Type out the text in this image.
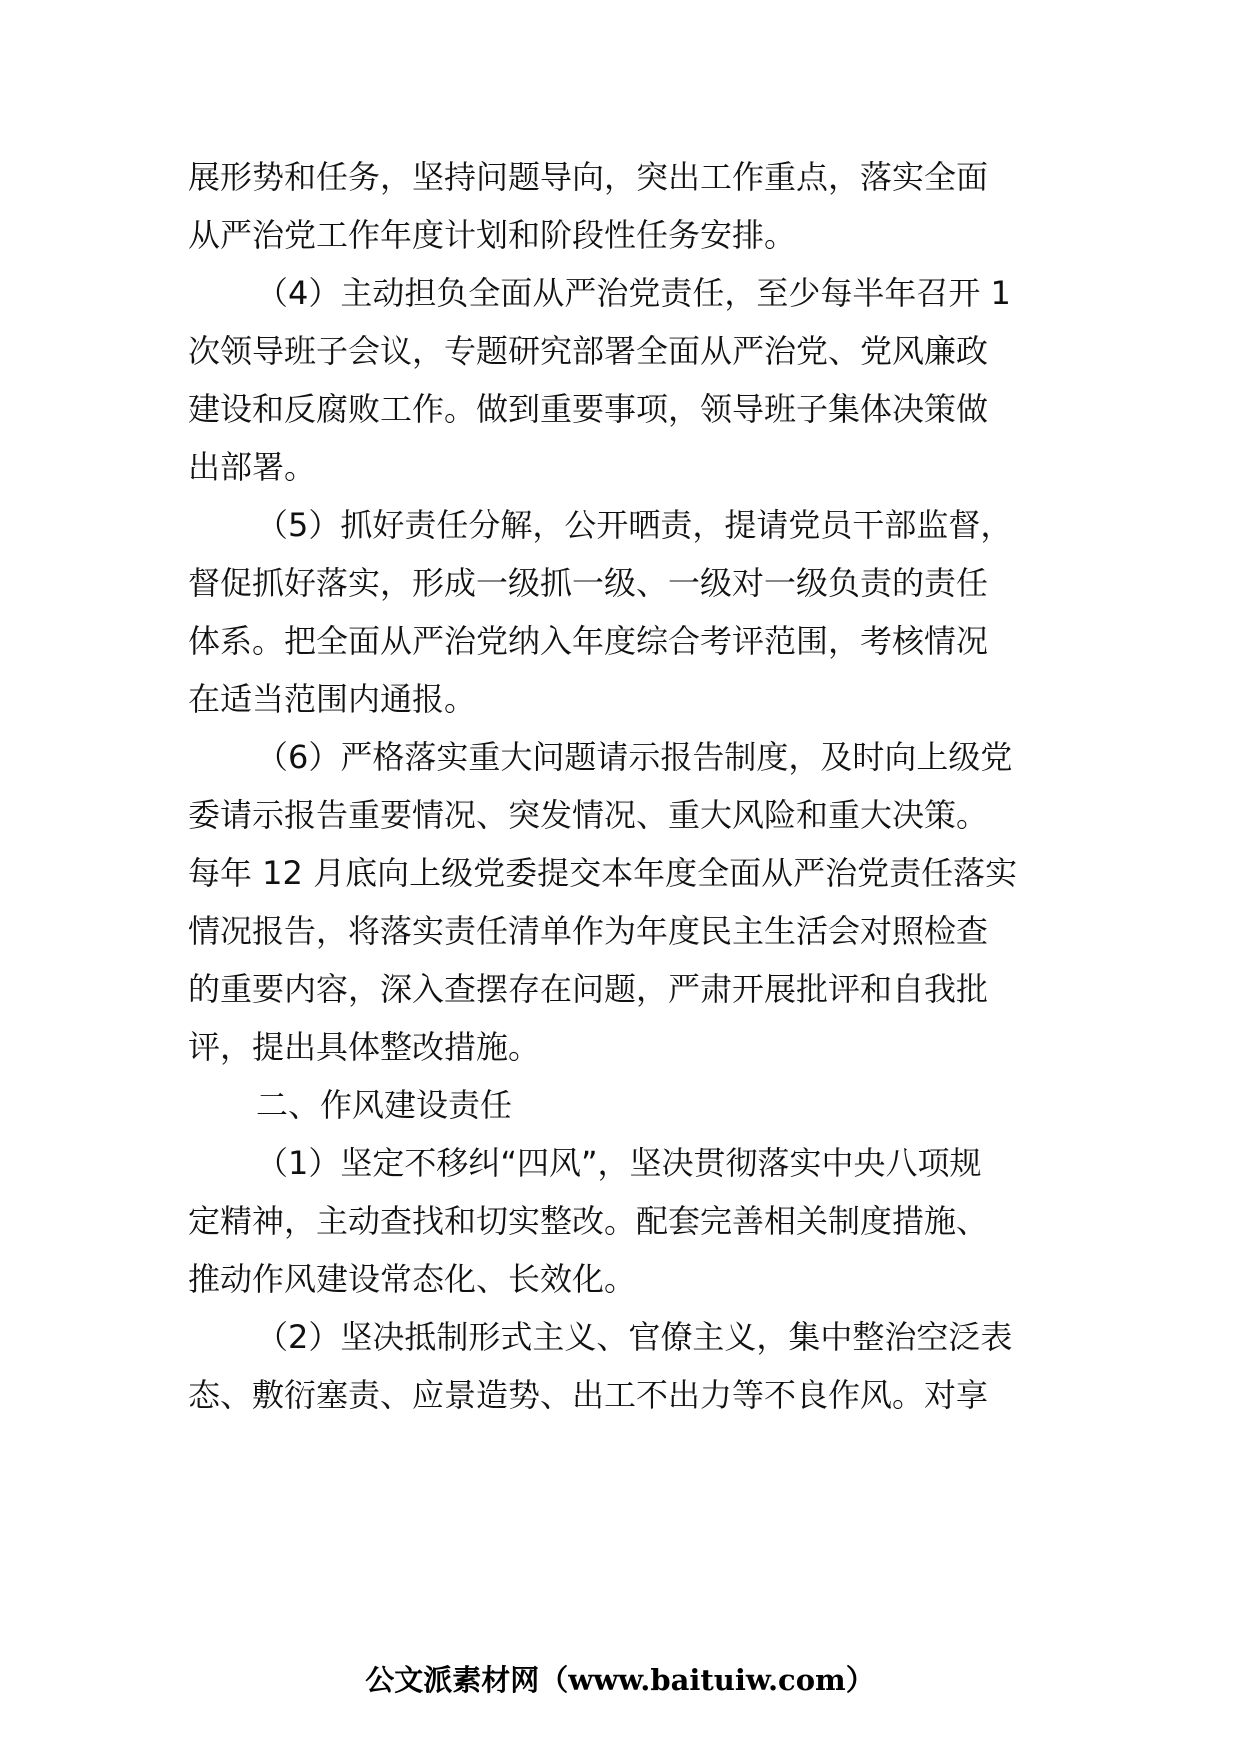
展形势和任务，坚持问题导向，突出工作重点，落实全面
从严治党工作年度计划和阶段性任务安排。
（4）主动担负全面从严治党责任，至少每半年召开 1
次领导班子会议，专题研究部署全面从严治党、党风廉政
建设和反腐败工作。做到重要事项，领导班子集体决策做
出部署。
（5）抓好责任分解，公开晒责，提请党员干部监督，
督促抓好落实，形成一级抓一级、一级对一级负责的责任
体系。把全面从严治党纳入年度综合考评范围，考核情况
在适当范围内通报。
（6）严格落实重大问题请示报告制度，及时向上级党
委请示报告重要情况、突发情况、重大风险和重大决策。
每年 12 月底向上级党委提交本年度全面从严治党责任落实
情况报告，将落实责任清单作为年度民主生活会对照检查
的重要内容，深入查摆存在问题，严肃开展批评和自我批
评，提出具体整改措施。
二、作风建设责任
（1）坚定不移纠“四风”，坚决贯彻落实中央八项规
定精神，主动查找和切实整改。配套完善相关制度措施、
推动作风建设常态化、长效化。
（2）坚决抵制形式主义、官僚主义，集中整治空泛表
态、敷衍塞责、应景造势、出工不出力等不良作风。对享
公文派素材网（www.baituiw.com）
